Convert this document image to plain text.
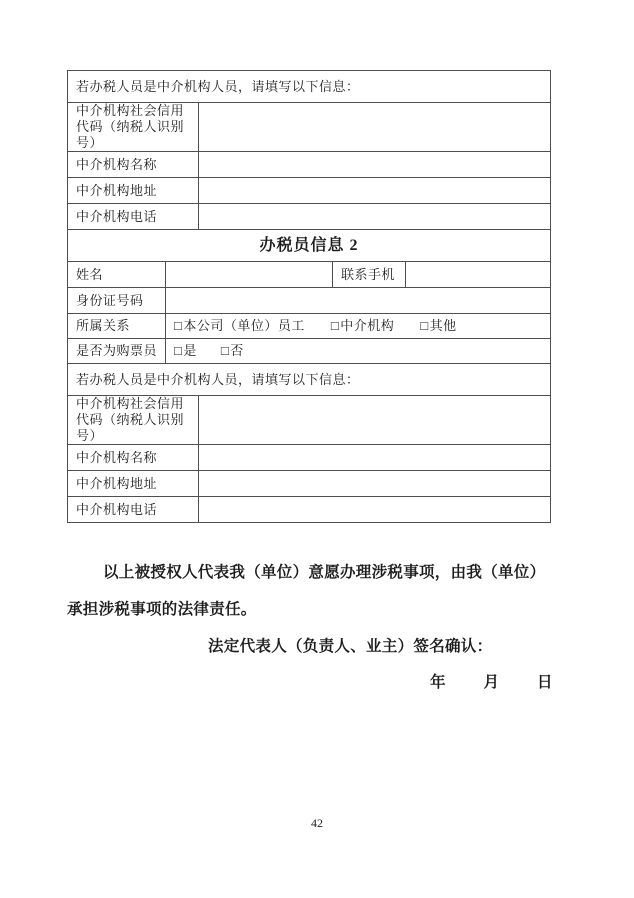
若办税人员是中介机构人员，请填写以下信息：				
中介机构社会信用代码（纳税人识别号）				
中介机构名称				
中介机构地址				
中介机构电话				
办税员信息 2				
姓名			联系手机	
身份证号码				
所属关系	□ 本公司（单位）员工 □ 中介机构 □ 其他

是否为购票员	□ 是 □ 否			

若办税人员是中介机构人员，请填写以下信息：				
中介机构社会信用代码（纳税人识别号）				
中介机构名称				
中介机构地址				
中介机构电话				
以上被授权人代表我（单位）意愿办理涉税事项，由我（单位）
承担涉税事项的法律责任。
法定代表人（负责人、业主）签名确认：
年 月 日
42
